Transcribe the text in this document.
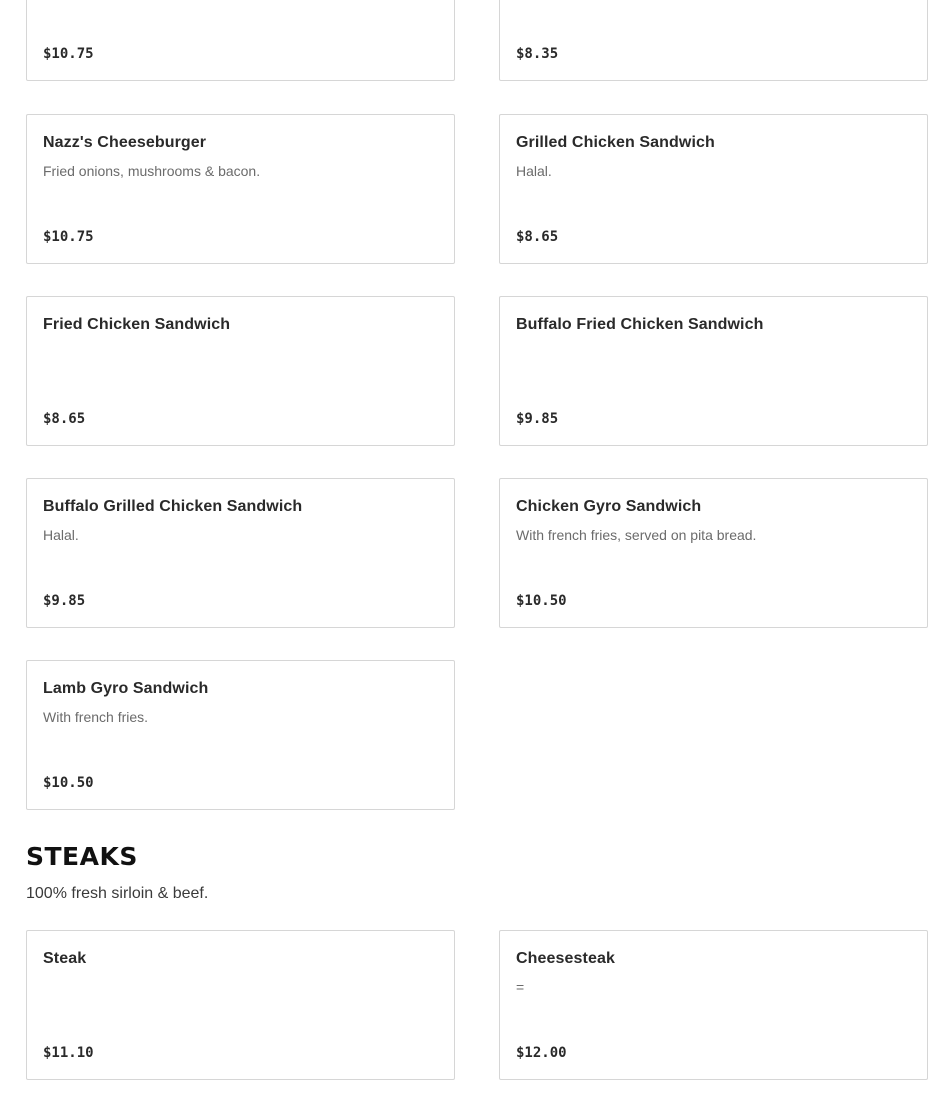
$10.75	$8.35
Nazz's Cheeseburger
Fried onions, mushrooms & bacon.
$10.75
Grilled Chicken Sandwich
Halal.
$8.65
Fried Chicken Sandwich
$8.65
Buffalo Fried Chicken Sandwich
$9.85
Buffalo Grilled Chicken Sandwich
Halal.
$9.85
Chicken Gyro Sandwich
With french fries, served on pita bread.
$10.50
Lamb Gyro Sandwich
With french fries.
$10.50
STEAKS
100% fresh sirloin & beef.
Steak
$11.10
Cheesesteak
=
$12.00
